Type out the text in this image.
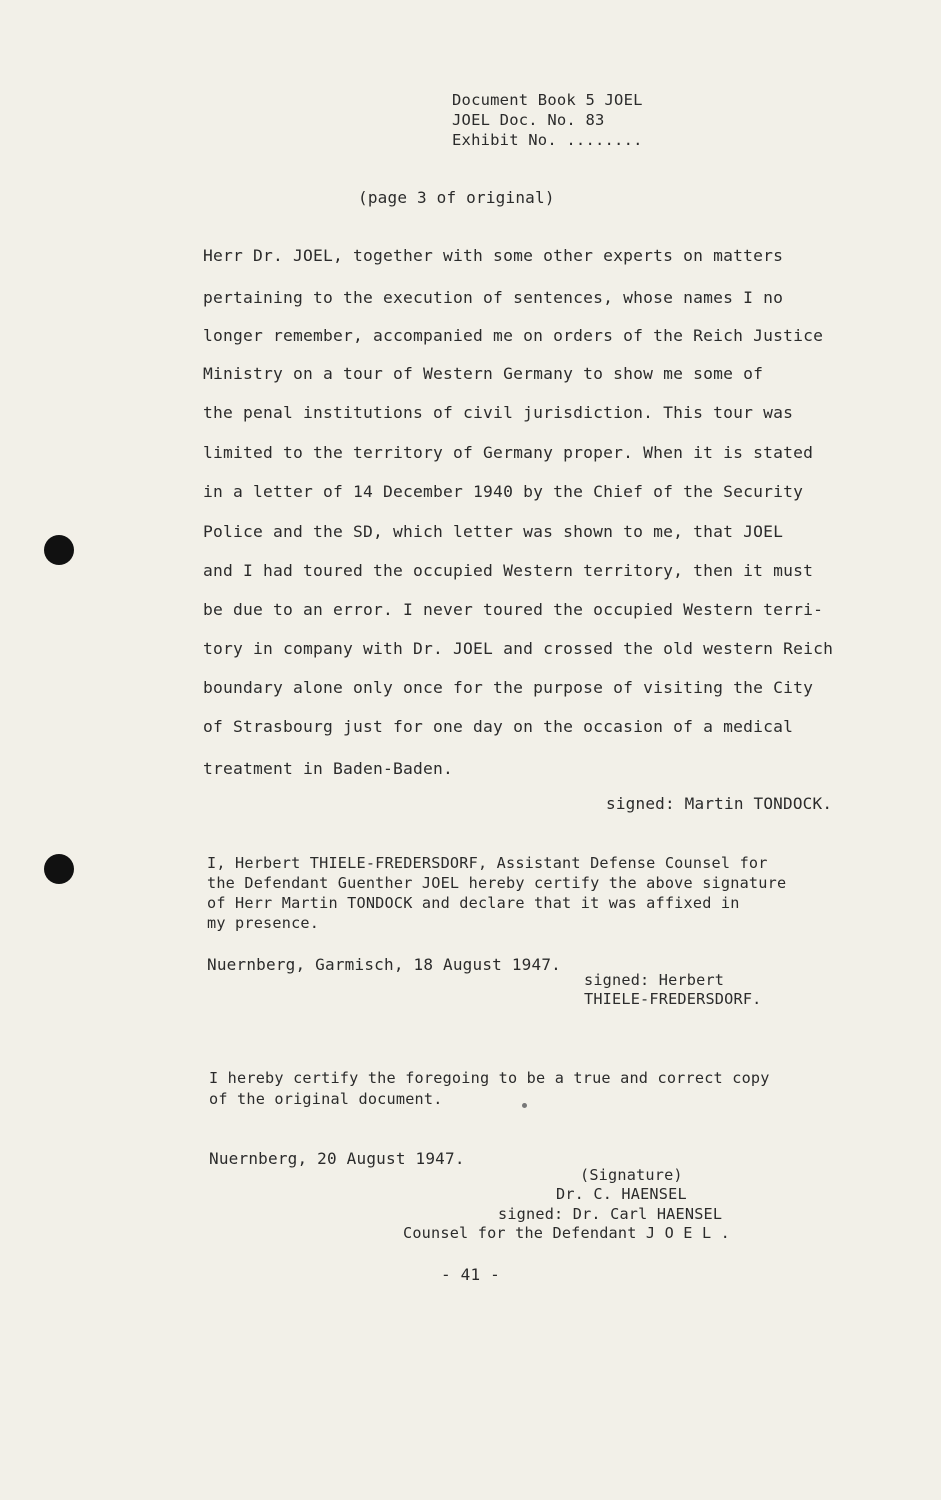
Document Book 5 JOEL
JOEL Doc. No. 83
Exhibit No. ........
(page 3 of original)
Herr Dr. JOEL, together with some other experts on matters
pertaining to the execution of sentences, whose names I no
longer remember, accompanied me on orders of the Reich Justice
Ministry on a tour of Western Germany to show me some of
the penal institutions of civil jurisdiction. This tour was
limited to the territory of Germany proper. When it is stated
in a letter of 14 December 1940 by the Chief of the Security
Police and the SD, which letter was shown to me, that JOEL
and I had toured the occupied Western territory, then it must
be due to an error. I never toured the occupied Western terri-
tory in company with Dr. JOEL and crossed the old western Reich
boundary alone only once for the purpose of visiting the City
of Strasbourg just for one day on the occasion of a medical
treatment in Baden-Baden.
signed: Martin TONDOCK.
I, Herbert THIELE-FREDERSDORF, Assistant Defense Counsel for
the Defendant Guenther JOEL hereby certify the above signature
of Herr Martin TONDOCK and declare that it was affixed in
my presence.
Nuernberg, Garmisch, 18 August 1947.
signed: Herbert
THIELE-FREDERSDORF.
I hereby certify the foregoing to be a true and correct copy
of the original document.
Nuernberg, 20 August 1947.
(Signature)
Dr. C. HAENSEL
signed: Dr. Carl HAENSEL
Counsel for the Defendant J O E L .
- 41 -
